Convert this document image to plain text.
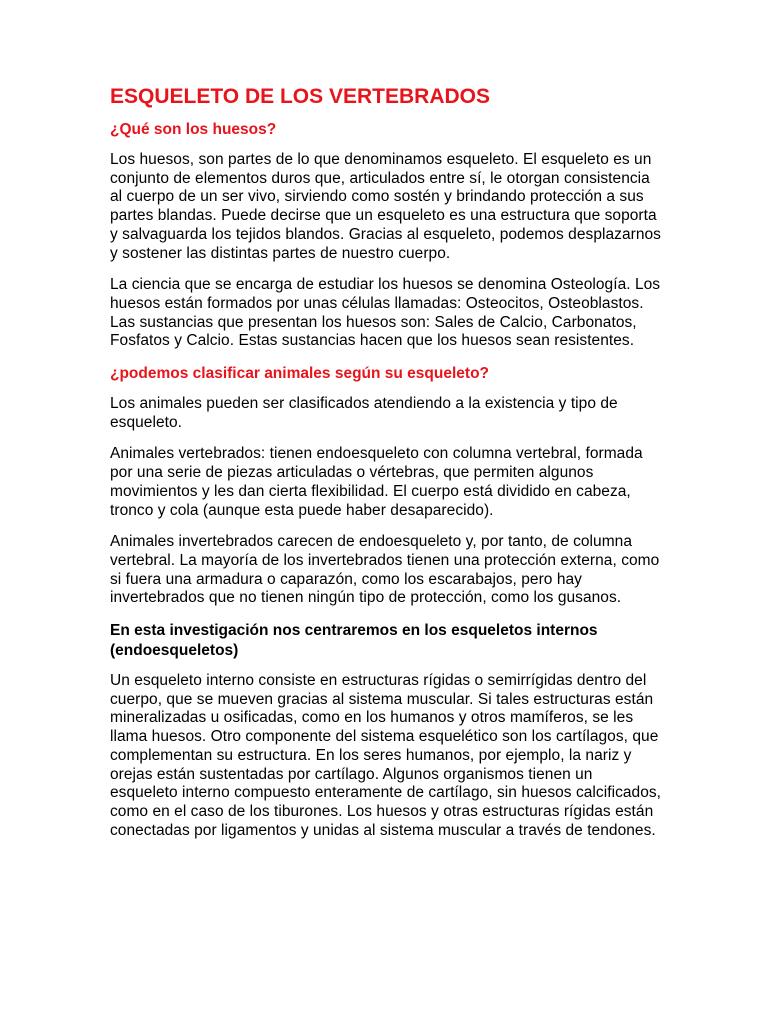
ESQUELETO DE LOS VERTEBRADOS
¿Qué son los huesos?

Los huesos, son partes de lo que denominamos esqueleto. El esqueleto es un conjunto de elementos duros que, articulados entre sí, le otorgan consistencia al cuerpo de un ser vivo, sirviendo como sostén y brindando protección a sus partes blandas. Puede decirse que un esqueleto es una estructura que soporta y salvaguarda los tejidos blandos. Gracias al esqueleto, podemos desplazarnos y sostener las distintas partes de nuestro cuerpo.

La ciencia que se encarga de estudiar los huesos se denomina Osteología. Los huesos están formados por unas células llamadas: Osteocitos, Osteoblastos. Las sustancias que presentan los huesos son: Sales de Calcio, Carbonatos, Fosfatos y Calcio. Estas sustancias hacen que los huesos sean resistentes.

¿podemos clasificar animales según su esqueleto?

Los animales pueden ser clasificados atendiendo a la existencia y tipo de esqueleto.

Animales vertebrados: tienen endoesqueleto con columna vertebral, formada por una serie de piezas articuladas o vértebras, que permiten algunos movimientos y les dan cierta flexibilidad. El cuerpo está dividido en cabeza, tronco y cola (aunque esta puede haber desaparecido).

Animales invertebrados carecen de endoesqueleto y, por tanto, de columna vertebral. La mayoría de los invertebrados tienen una protección externa, como si fuera una armadura o caparazón, como los escarabajos, pero hay invertebrados que no tienen ningún tipo de protección, como los gusanos.

En esta investigación nos centraremos en los esqueletos internos (endoesqueletos)

Un esqueleto interno consiste en estructuras rígidas o semirrígidas dentro del cuerpo, que se mueven gracias al sistema muscular. Si tales estructuras están mineralizadas u osificadas, como en los humanos y otros mamíferos, se les llama huesos. Otro componente del sistema esquelético son los cartílagos, que complementan su estructura. En los seres humanos, por ejemplo, la nariz y orejas están sustentadas por cartílago. Algunos organismos tienen un esqueleto interno compuesto enteramente de cartílago, sin huesos calcificados, como en el caso de los tiburones. Los huesos y otras estructuras rígidas están conectadas por ligamentos y unidas al sistema muscular a través de tendones.
